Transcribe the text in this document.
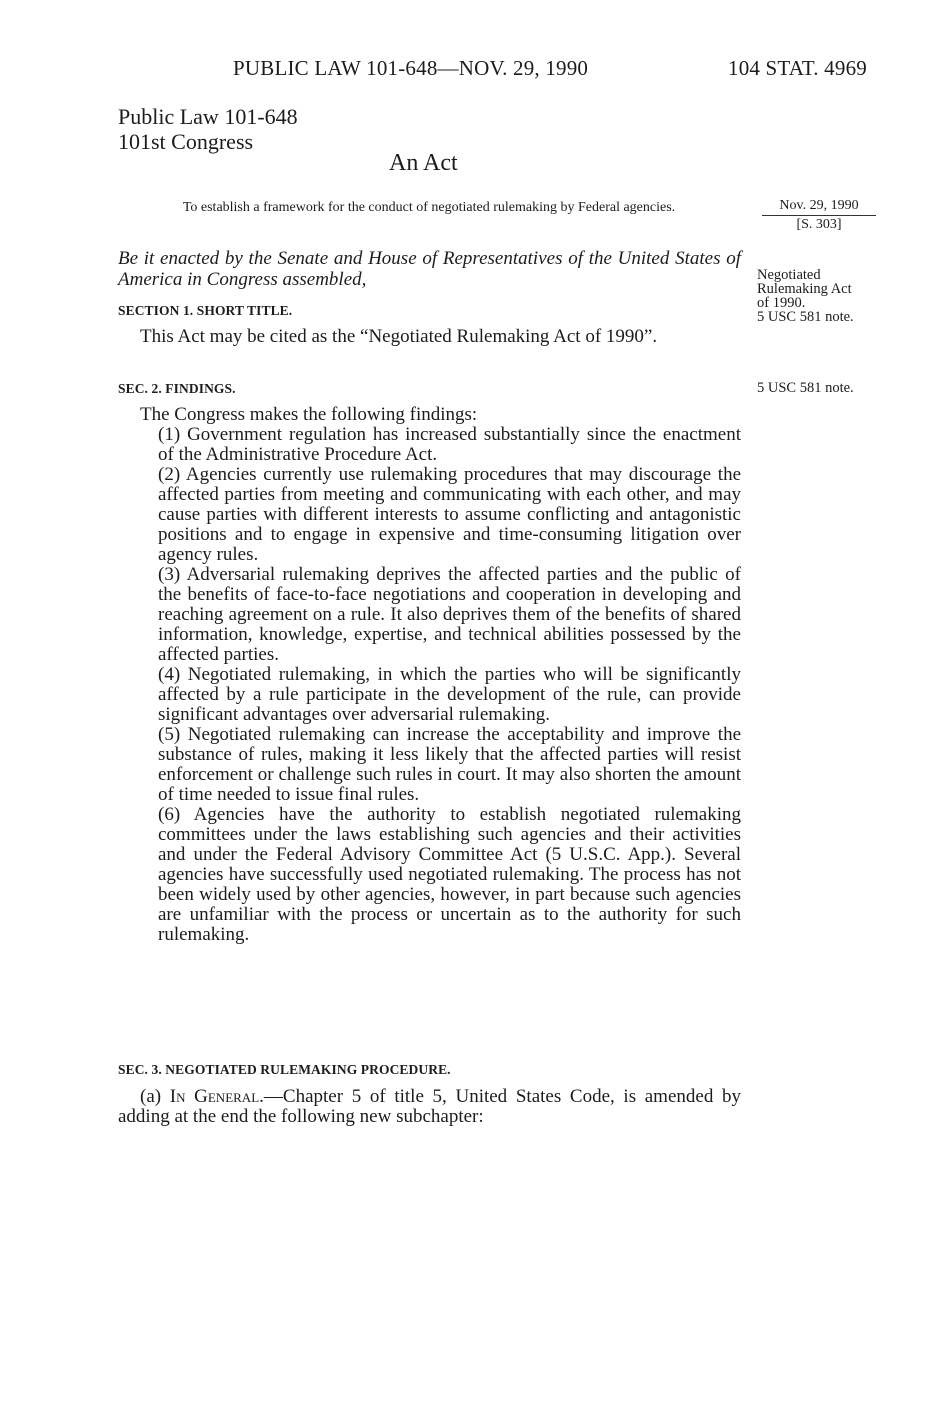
PUBLIC LAW 101-648—NOV. 29, 1990	104 STAT. 4969
Public Law 101-648
101st Congress
An Act
To establish a framework for the conduct of negotiated rulemaking by Federal agencies.	Nov. 29, 1990
[S. 303]
Negotiated
Rulemaking Act
of 1990.
5 USC 581 note.
5 USC 581 note.
Be it enacted by the Senate and House of Representatives of the United States of America in Congress assembled,
SECTION 1. SHORT TITLE.

This Act may be cited as the “Negotiated Rulemaking Act of 1990”.

SEC. 2. FINDINGS.

The Congress makes the following findings:

(1) Government regulation has increased substantially since the enactment of the Administrative Procedure Act.

(2) Agencies currently use rulemaking procedures that may discourage the affected parties from meeting and communicating with each other, and may cause parties with different interests to assume conflicting and antagonistic positions and to engage in expensive and time-consuming litigation over agency rules.

(3) Adversarial rulemaking deprives the affected parties and the public of the benefits of face-to-face negotiations and cooperation in developing and reaching agreement on a rule. It also deprives them of the benefits of shared information, knowledge, expertise, and technical abilities possessed by the affected parties.

(4) Negotiated rulemaking, in which the parties who will be significantly affected by a rule participate in the development of the rule, can provide significant advantages over adversarial rulemaking.

(5) Negotiated rulemaking can increase the acceptability and improve the substance of rules, making it less likely that the affected parties will resist enforcement or challenge such rules in court. It may also shorten the amount of time needed to issue final rules.

(6) Agencies have the authority to establish negotiated rulemaking committees under the laws establishing such agencies and their activities and under the Federal Advisory Committee Act (5 U.S.C. App.). Several agencies have successfully used negotiated rulemaking. The process has not been widely used by other agencies, however, in part because such agencies are unfamiliar with the process or uncertain as to the authority for such rulemaking.

SEC. 3. NEGOTIATED RULEMAKING PROCEDURE.

(a) In General.—Chapter 5 of title 5, United States Code, is amended by adding at the end the following new subchapter:
